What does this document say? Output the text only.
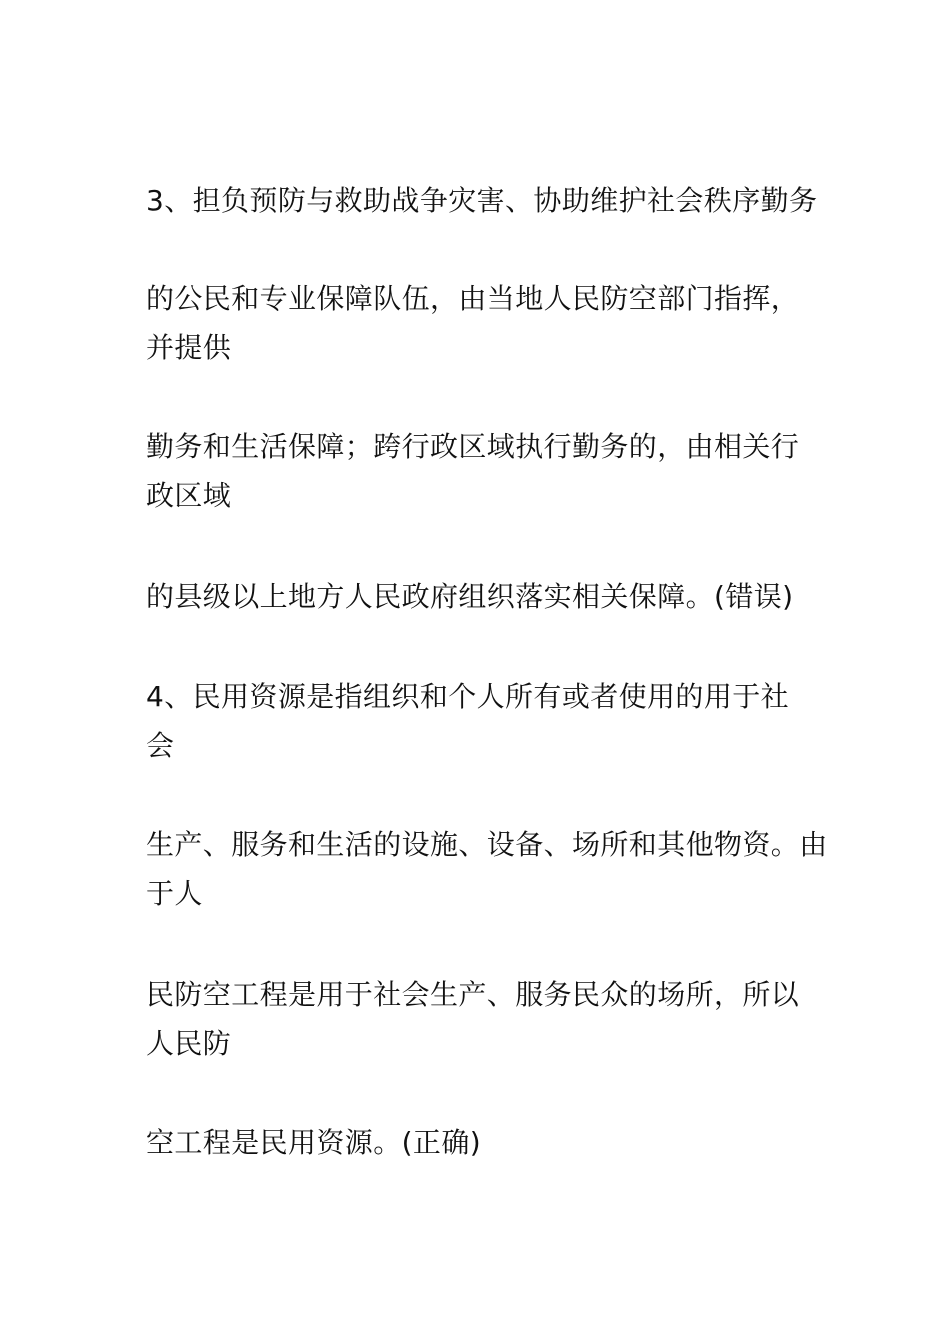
3、担负预防与救助战争灾害、协助维护社会秩序勤务

的公民和专业保障队伍，由当地人民防空部门指挥，
并提供

勤务和生活保障；跨行政区域执行勤务的，由相关行
政区域

的县级以上地方人民政府组织落实相关保障。(错误)

4、民用资源是指组织和个人所有或者使用的用于社
会

生产、服务和生活的设施、设备、场所和其他物资。由
于人

民防空工程是用于社会生产、服务民众的场所，所以
人民防

空工程是民用资源。(正确)
